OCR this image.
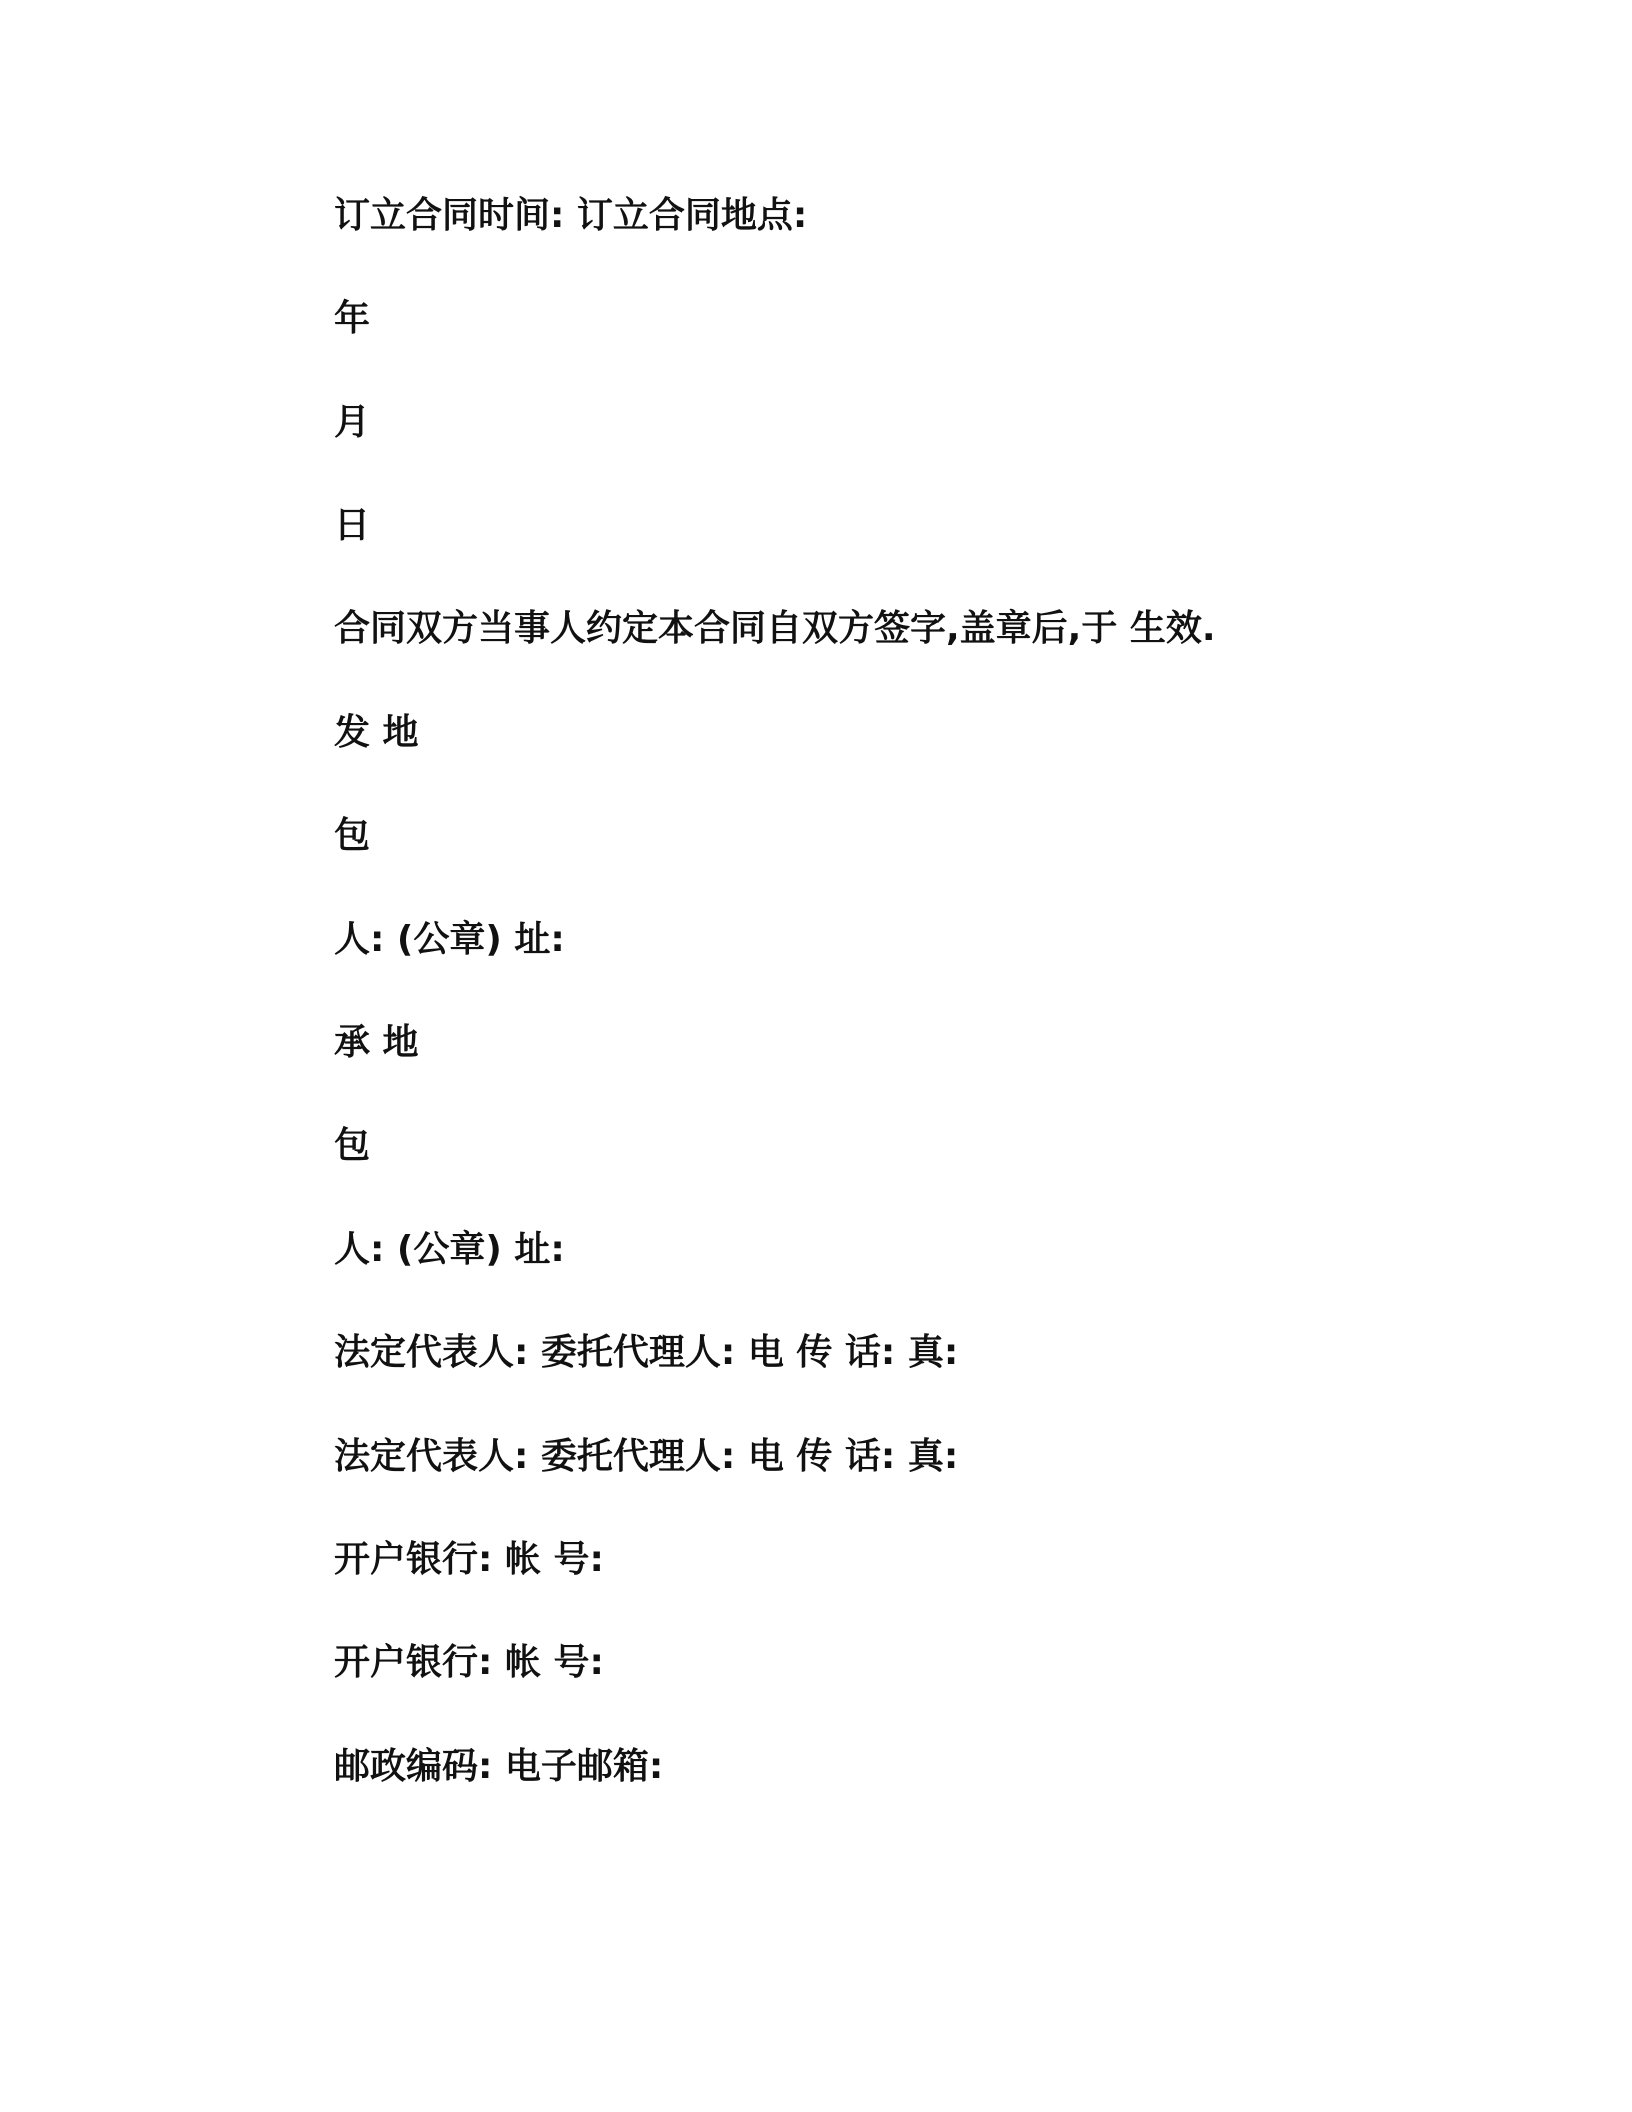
订立合同时间: 订立合同地点:

年

月

日

合同双方当事人约定本合同自双方签字,盖章后,于 生效.

发 地

包

人: (公章) 址:

承 地

包

人: (公章) 址:

法定代表人: 委托代理人: 电 传 话: 真:

法定代表人: 委托代理人: 电 传 话: 真:

开户银行: 帐 号:

开户银行: 帐 号:

邮政编码: 电子邮箱:
